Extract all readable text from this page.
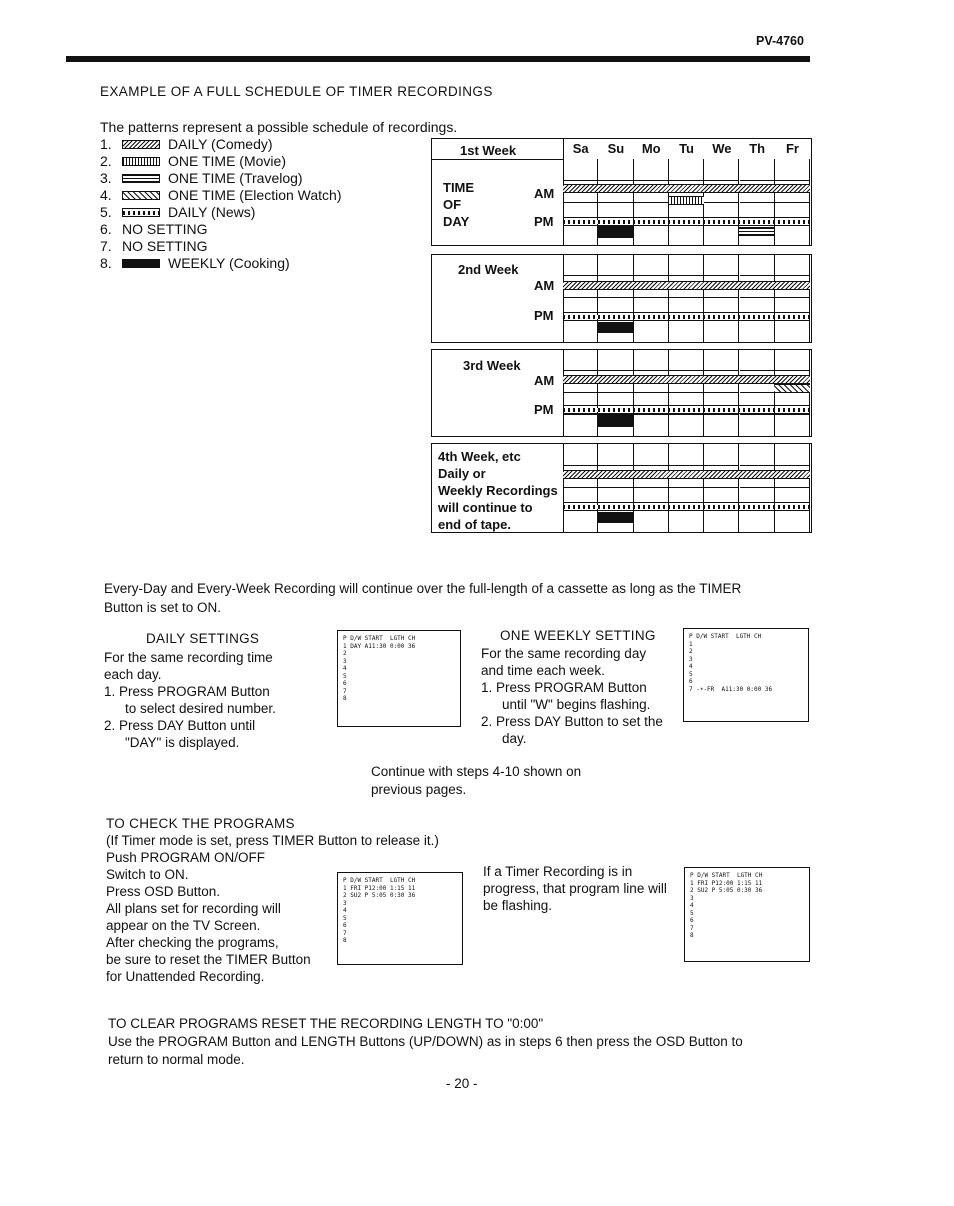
PV-4760
EXAMPLE OF A FULL SCHEDULE OF TIMER RECORDINGS
The patterns represent a possible schedule of recordings.
1.	DAILY (Comedy)
2.	ONE TIME (Movie)
3.	ONE TIME (Travelog)
4.	ONE TIME (Election Watch)
5.	DAILY (News)
6. NO SETTING
7. NO SETTING
8.	WEEKLY (Cooking)
1st Week	Sa	Su	Mo	Tu	We	Th	Fr
TIME
OF
DAY
AM
PM
2nd Week
AM
PM
3rd Week
AM
PM
4th Week, etc
Daily or
Weekly Recordings
will continue to
end of tape.
Every-Day and Every-Week Recording will continue over the full-length of a cassette as long as the TIMER
Button is set to ON.
DAILY SETTINGS
For the same recording time
each day.
1. Press PROGRAM Button
to select desired number.
2. Press DAY Button until
"DAY" is displayed.
P D/W START  LGTH CH
1 DAY A11:30 0:00 36
2
3
4
5
6
7
8
ONE WEEKLY SETTING
For the same recording day
and time each week.
1. Press PROGRAM Button
until "W" begins flashing.
2. Press DAY Button to set the
day.
P D/W START  LGTH CH
1
2
3
4
5
6
7 -☀-FR  A11:30 0:00 36
Continue with steps 4-10 shown on
previous pages.
TO CHECK THE PROGRAMS
(If Timer mode is set, press TIMER Button to release it.)
Push PROGRAM ON/OFF
Switch to ON.
Press OSD Button.
All plans set for recording will
appear on the TV Screen.
After checking the programs,
be sure to reset the TIMER Button
for Unattended Recording.
P D/W START  LGTH CH
1 FRI P12:00 1:15 11
2 SU2 P 5:05 0:30 36
3
4
5
6
7
8
If a Timer Recording is in
progress, that program line will
be flashing.
P D/W START  LGTH CH
1 FRI P12:00 1:15 11
2 SU2 P 5:05 0:30 36
3
4
5
6
7
8
TO CLEAR PROGRAMS RESET THE RECORDING LENGTH TO "0:00"
Use the PROGRAM Button and LENGTH Buttons (UP/DOWN) as in steps 6 then press the OSD Button to
return to normal mode.
- 20 -
